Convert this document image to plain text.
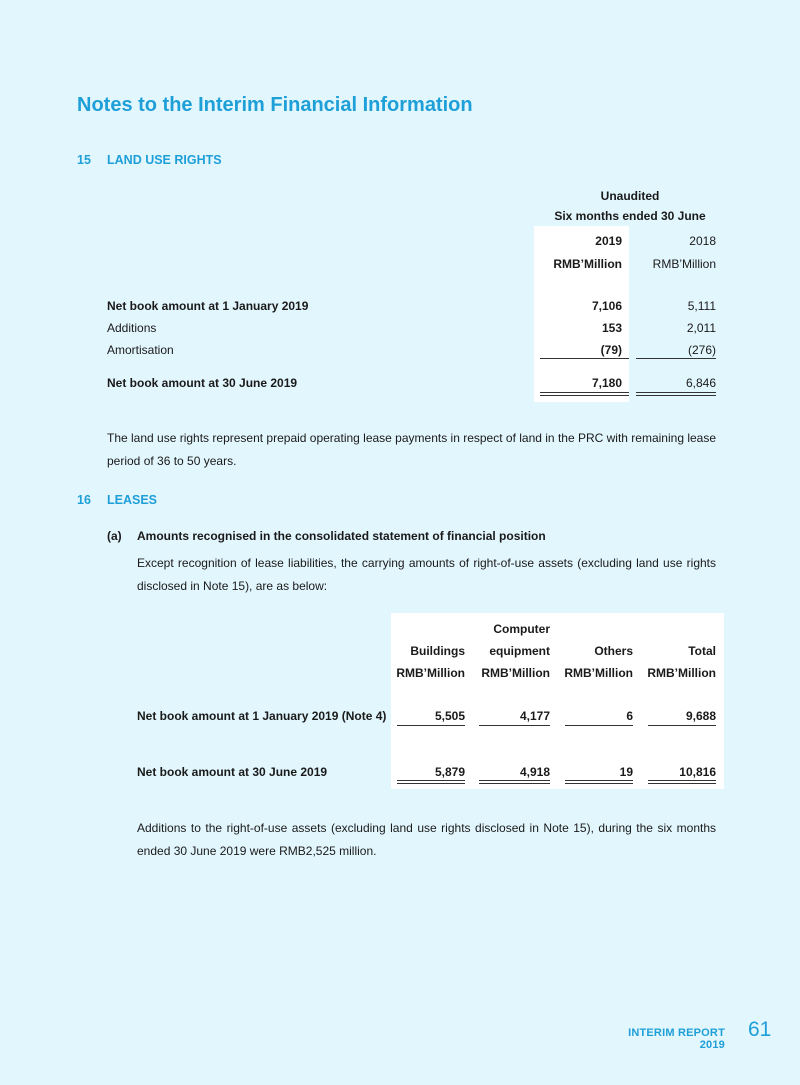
Notes to the Interim Financial Information
15 LAND USE RIGHTS
Unaudited
Six months ended 30 June
2019	2018
RMB’Million	RMB’Million
Net book amount at 1 January 2019	7,106	5,111
Additions	153	2,011
Amortisation	(79)	(276)
Net book amount at 30 June 2019	7,180	6,846
The land use rights represent prepaid operating lease payments in respect of land in the PRC with remaining lease period of 36 to 50 years.
16 LEASES
(a) Amounts recognised in the consolidated statement of financial position
Except recognition of lease liabilities, the carrying amounts of right-of-use assets (excluding land use rights disclosed in Note 15), are as below:
Computer
Buildings	equipment	Others	Total
RMB’Million	RMB’Million	RMB’Million	RMB’Million
Net book amount at 1 January 2019 (Note 4)	5,505	4,177	6	9,688
Net book amount at 30 June 2019	5,879	4,918	19	10,816
Additions to the right-of-use assets (excluding land use rights disclosed in Note 15), during the six months ended 30 June 2019 were RMB2,525 million.
INTERIM REPORT 2019
61
